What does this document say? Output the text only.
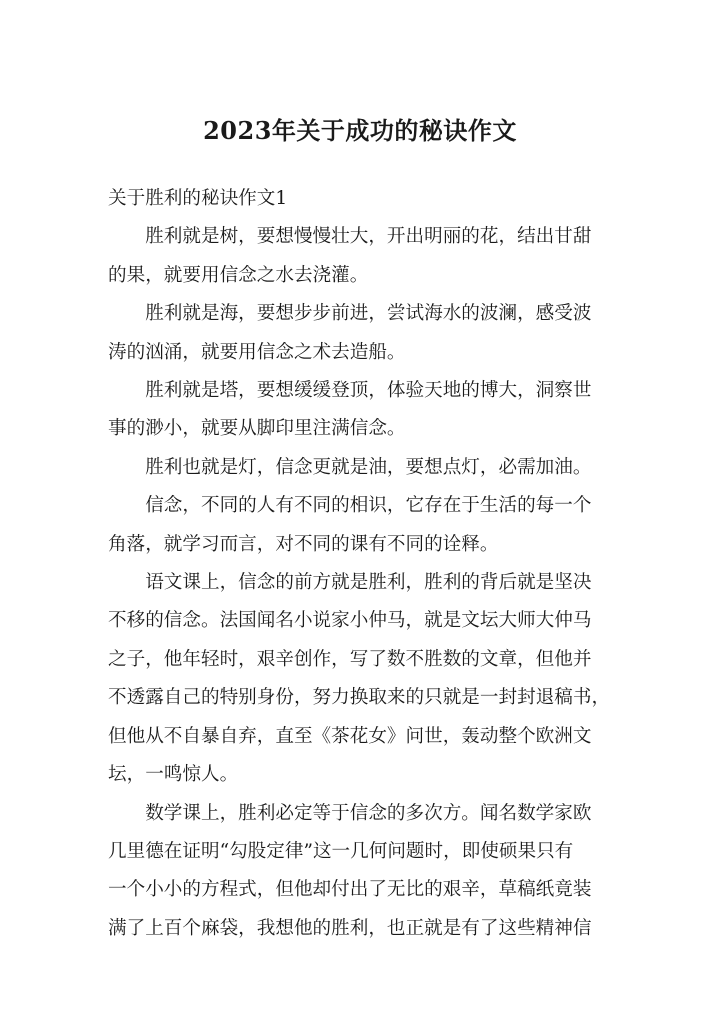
2023年关于成功的秘诀作文

关于胜利的秘诀作文1

胜利就是树，要想慢慢壮大，开出明丽的花，结出甘甜
的果，就要用信念之水去浇灌。

胜利就是海，要想步步前进，尝试海水的波澜，感受波
涛的汹涌，就要用信念之术去造船。

胜利就是塔，要想缓缓登顶，体验天地的博大，洞察世
事的渺小，就要从脚印里注满信念。

胜利也就是灯，信念更就是油，要想点灯，必需加油。

信念，不同的人有不同的相识，它存在于生活的每一个
角落，就学习而言，对不同的课有不同的诠释。

语文课上，信念的前方就是胜利，胜利的背后就是坚决
不移的信念。法国闻名小说家小仲马，就是文坛大师大仲马
之子，他年轻时，艰辛创作，写了数不胜数的文章，但他并
不透露自己的特别身份，努力换取来的只就是一封封退稿书，
但他从不自暴自弃，直至《茶花女》问世，轰动整个欧洲文
坛，一鸣惊人。

数学课上，胜利必定等于信念的多次方。闻名数学家欧
几里德在证明“勾股定律”这一几何问题时，即使硕果只有
一个小小的方程式，但他却付出了无比的艰辛，草稿纸竟装
满了上百个麻袋，我想他的胜利，也正就是有了这些精神信
